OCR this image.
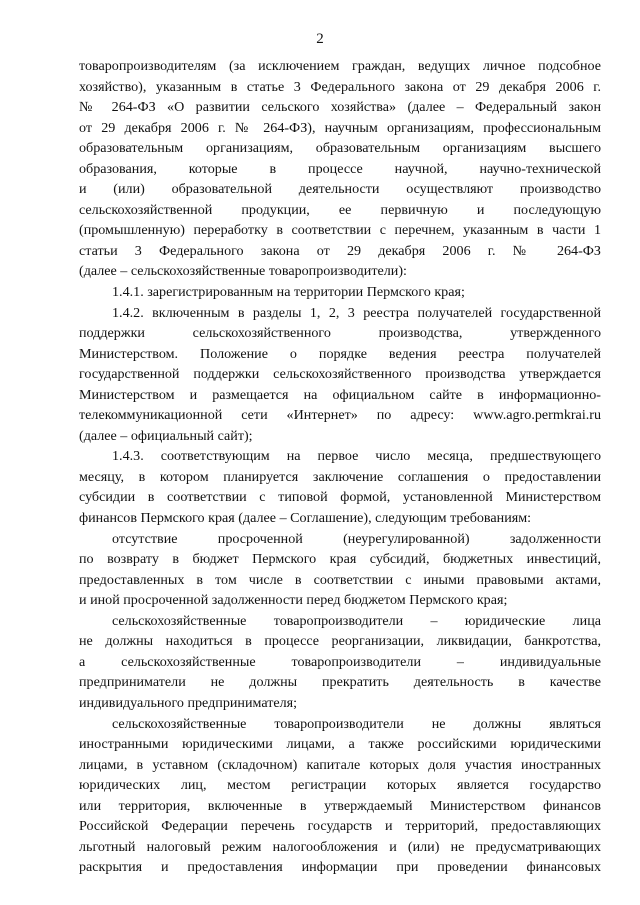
2
товаропроизводителям (за исключением граждан, ведущих личное подсобное
хозяйство), указанным в статье 3 Федерального закона от 29 декабря 2006 г.
№ 264-ФЗ «О развитии сельского хозяйства» (далее – Федеральный закон
от 29 декабря 2006 г. № 264-ФЗ), научным организациям, профессиональным
образовательным организациям, образовательным организациям высшего
образования, которые в процессе научной, научно-технической
и (или) образовательной деятельности осуществляют производство
сельскохозяйственной продукции, ее первичную и последующую
(промышленную) переработку в соответствии с перечнем, указанным в части 1
статьи 3 Федерального закона от 29 декабря 2006 г. № 264-ФЗ
(далее – сельскохозяйственные товаропроизводители):
1.4.1. зарегистрированным на территории Пермского края;
1.4.2. включенным в разделы 1, 2, 3 реестра получателей государственной
поддержки сельскохозяйственного производства, утвержденного
Министерством. Положение о порядке ведения реестра получателей
государственной поддержки сельскохозяйственного производства утверждается
Министерством и размещается на официальном сайте в информационно-
телекоммуникационной сети «Интернет» по адресу: www.agro.permkrai.ru
(далее – официальный сайт);
1.4.3. соответствующим на первое число месяца, предшествующего
месяцу, в котором планируется заключение соглашения о предоставлении
субсидии в соответствии с типовой формой, установленной Министерством
финансов Пермского края (далее – Соглашение), следующим требованиям:
отсутствие просроченной (неурегулированной) задолженности
по возврату в бюджет Пермского края субсидий, бюджетных инвестиций,
предоставленных в том числе в соответствии с иными правовыми актами,
и иной просроченной задолженности перед бюджетом Пермского края;
сельскохозяйственные товаропроизводители – юридические лица
не должны находиться в процессе реорганизации, ликвидации, банкротства,
а сельскохозяйственные товаропроизводители – индивидуальные
предприниматели не должны прекратить деятельность в качестве
индивидуального предпринимателя;
сельскохозяйственные товаропроизводители не должны являться
иностранными юридическими лицами, а также российскими юридическими
лицами, в уставном (складочном) капитале которых доля участия иностранных
юридических лиц, местом регистрации которых является государство
или территория, включенные в утверждаемый Министерством финансов
Российской Федерации перечень государств и территорий, предоставляющих
льготный налоговый режим налогообложения и (или) не предусматривающих
раскрытия и предоставления информации при проведении финансовых
